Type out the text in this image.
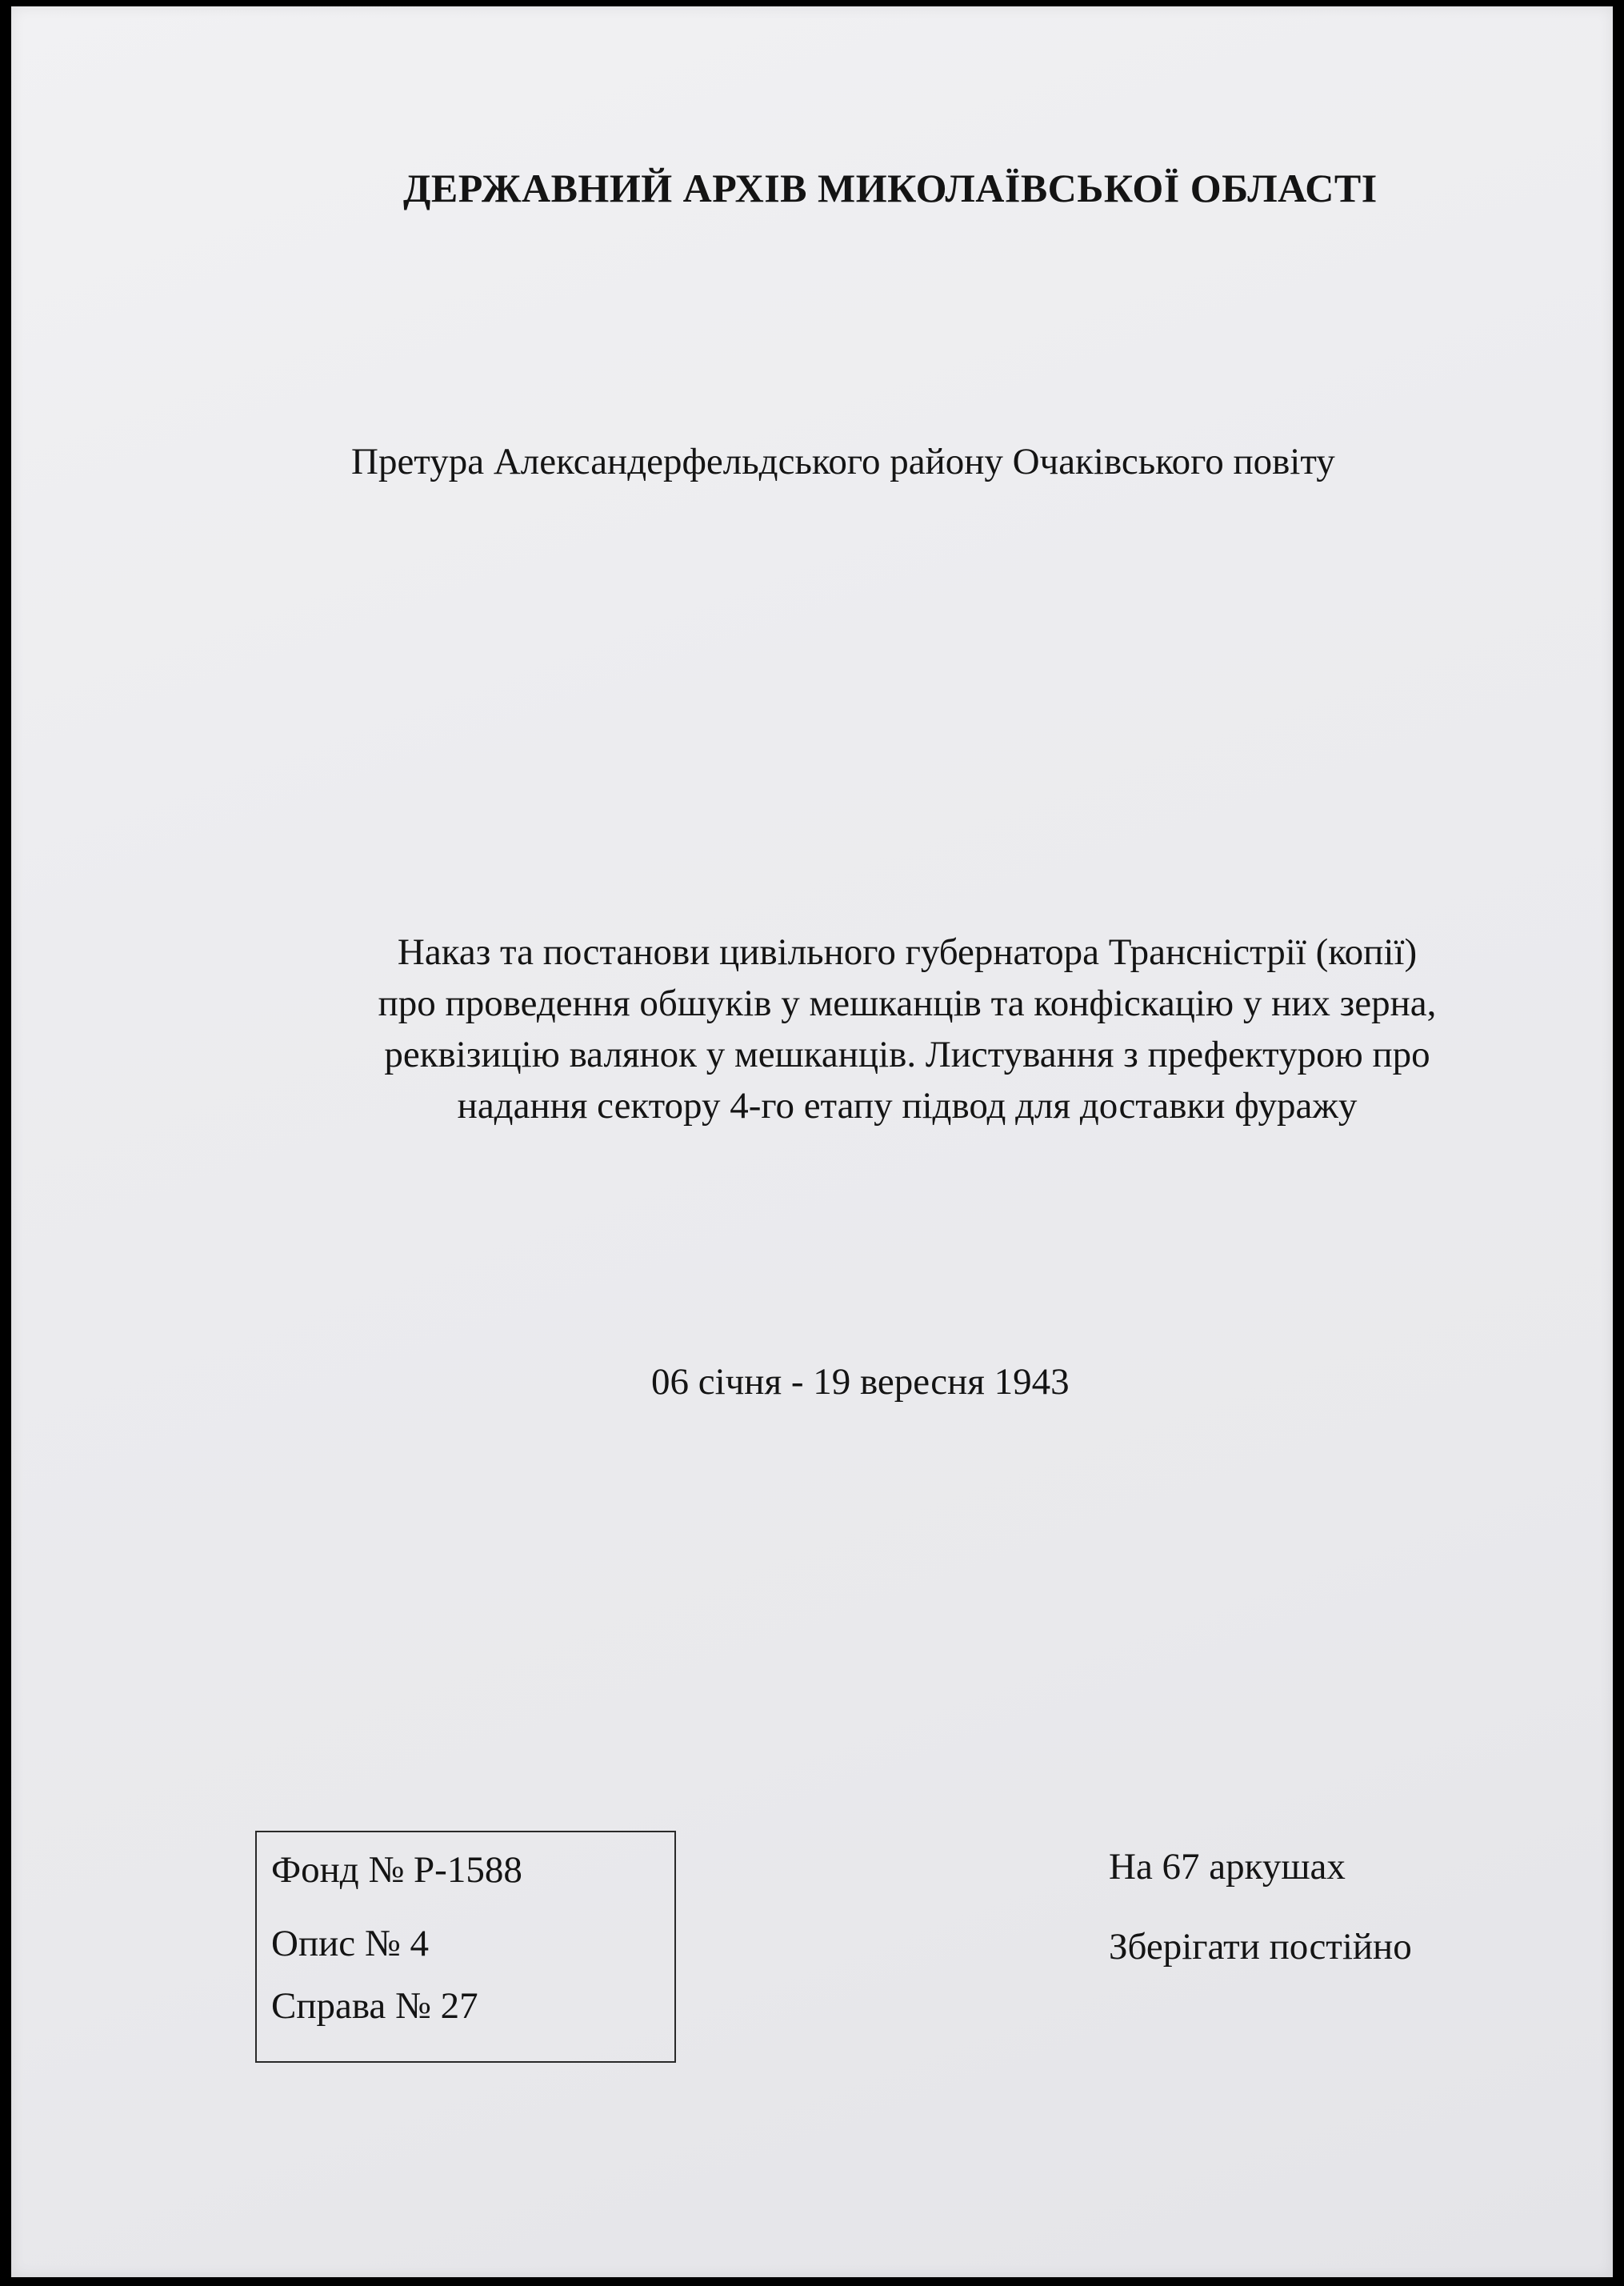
ДЕРЖАВНИЙ АРХІВ МИКОЛАЇВСЬКОЇ ОБЛАСТІ
Претура Александерфельдського району Очаківського повіту
Наказ та постанови цивільного губернатора Трансністрії (копії)
про проведення обшуків у мешканців та конфіскацію у них зерна,
реквізицію валянок у мешканців. Листування з префектурою про
надання сектору 4-го етапу підвод для доставки фуражу
06 січня - 19 вересня 1943
Фонд № Р-1588
Опис № 4
Справа № 27
На 67 аркушах
Зберігати постійно
